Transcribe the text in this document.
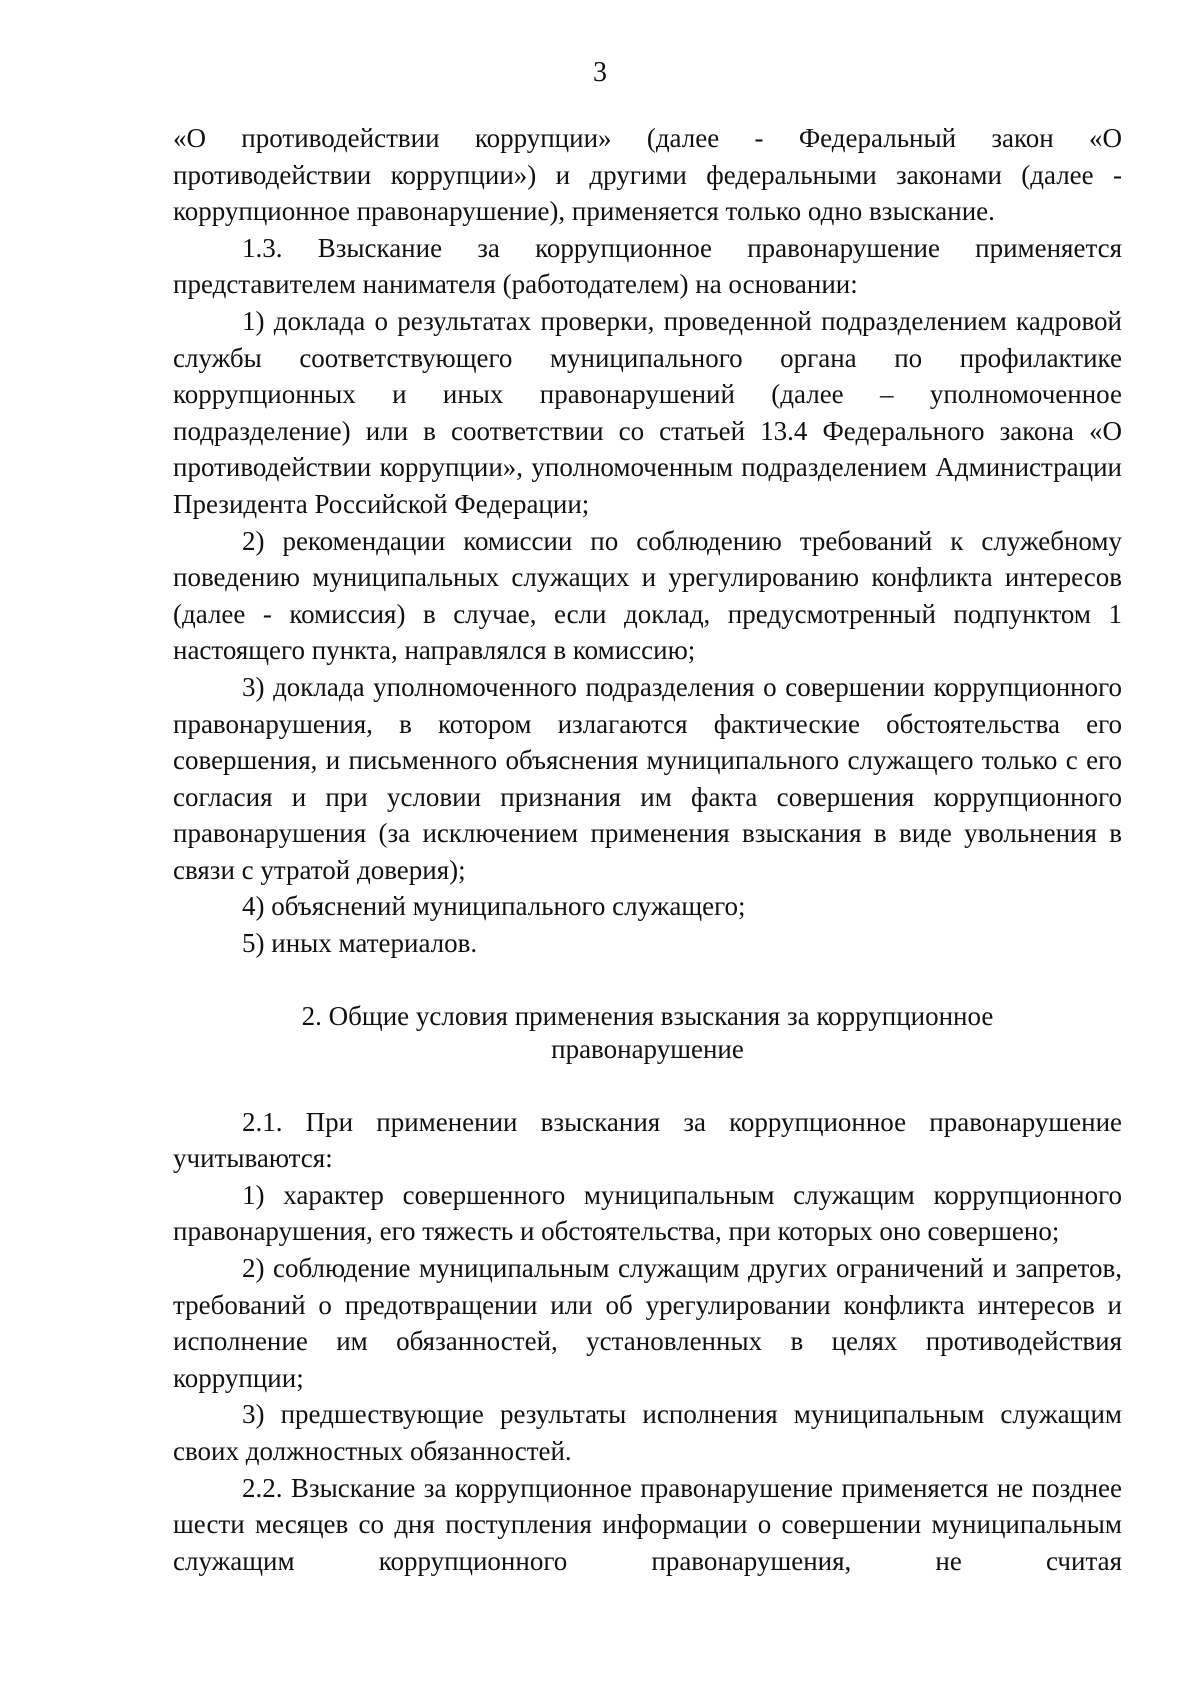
3

«О противодействии коррупции» (далее - Федеральный закон «О противодействии коррупции») и другими федеральными законами (далее - коррупционное правонарушение), применяется только одно взыскание.

1.3. Взыскание за коррупционное правонарушение применяется представителем нанимателя (работодателем) на основании:

1) доклада о результатах проверки, проведенной подразделением кадровой службы соответствующего муниципального органа по профилактике коррупционных и иных правонарушений (далее – уполномоченное подразделение) или в соответствии со статьей 13.4 Федерального закона «О противодействии коррупции», уполномоченным подразделением Администрации Президента Российской Федерации;

2) рекомендации комиссии по соблюдению требований к служебному поведению муниципальных служащих и урегулированию конфликта интересов (далее - комиссия) в случае, если доклад, предусмотренный подпунктом 1 настоящего пункта, направлялся в комиссию;

3) доклада уполномоченного подразделения о совершении коррупционного правонарушения, в котором излагаются фактические обстоятельства его совершения, и письменного объяснения муниципального служащего только с его согласия и при условии признания им факта совершения коррупционного правонарушения (за исключением применения взыскания в виде увольнения в связи с утратой доверия);

4) объяснений муниципального служащего;

5) иных материалов.

2. Общие условия применения взыскания за коррупционное
правонарушение

2.1. При применении взыскания за коррупционное правонарушение учитываются:

1) характер совершенного муниципальным служащим коррупционного правонарушения, его тяжесть и обстоятельства, при которых оно совершено;

2) соблюдение муниципальным служащим других ограничений и запретов, требований о предотвращении или об урегулировании конфликта интересов и исполнение им обязанностей, установленных в целях противодействия коррупции;

3) предшествующие результаты исполнения муниципальным служащим своих должностных обязанностей.

2.2. Взыскание за коррупционное правонарушение применяется не позднее шести месяцев со дня поступления информации о совершении муниципальным служащим коррупционного правонарушения, не считая
